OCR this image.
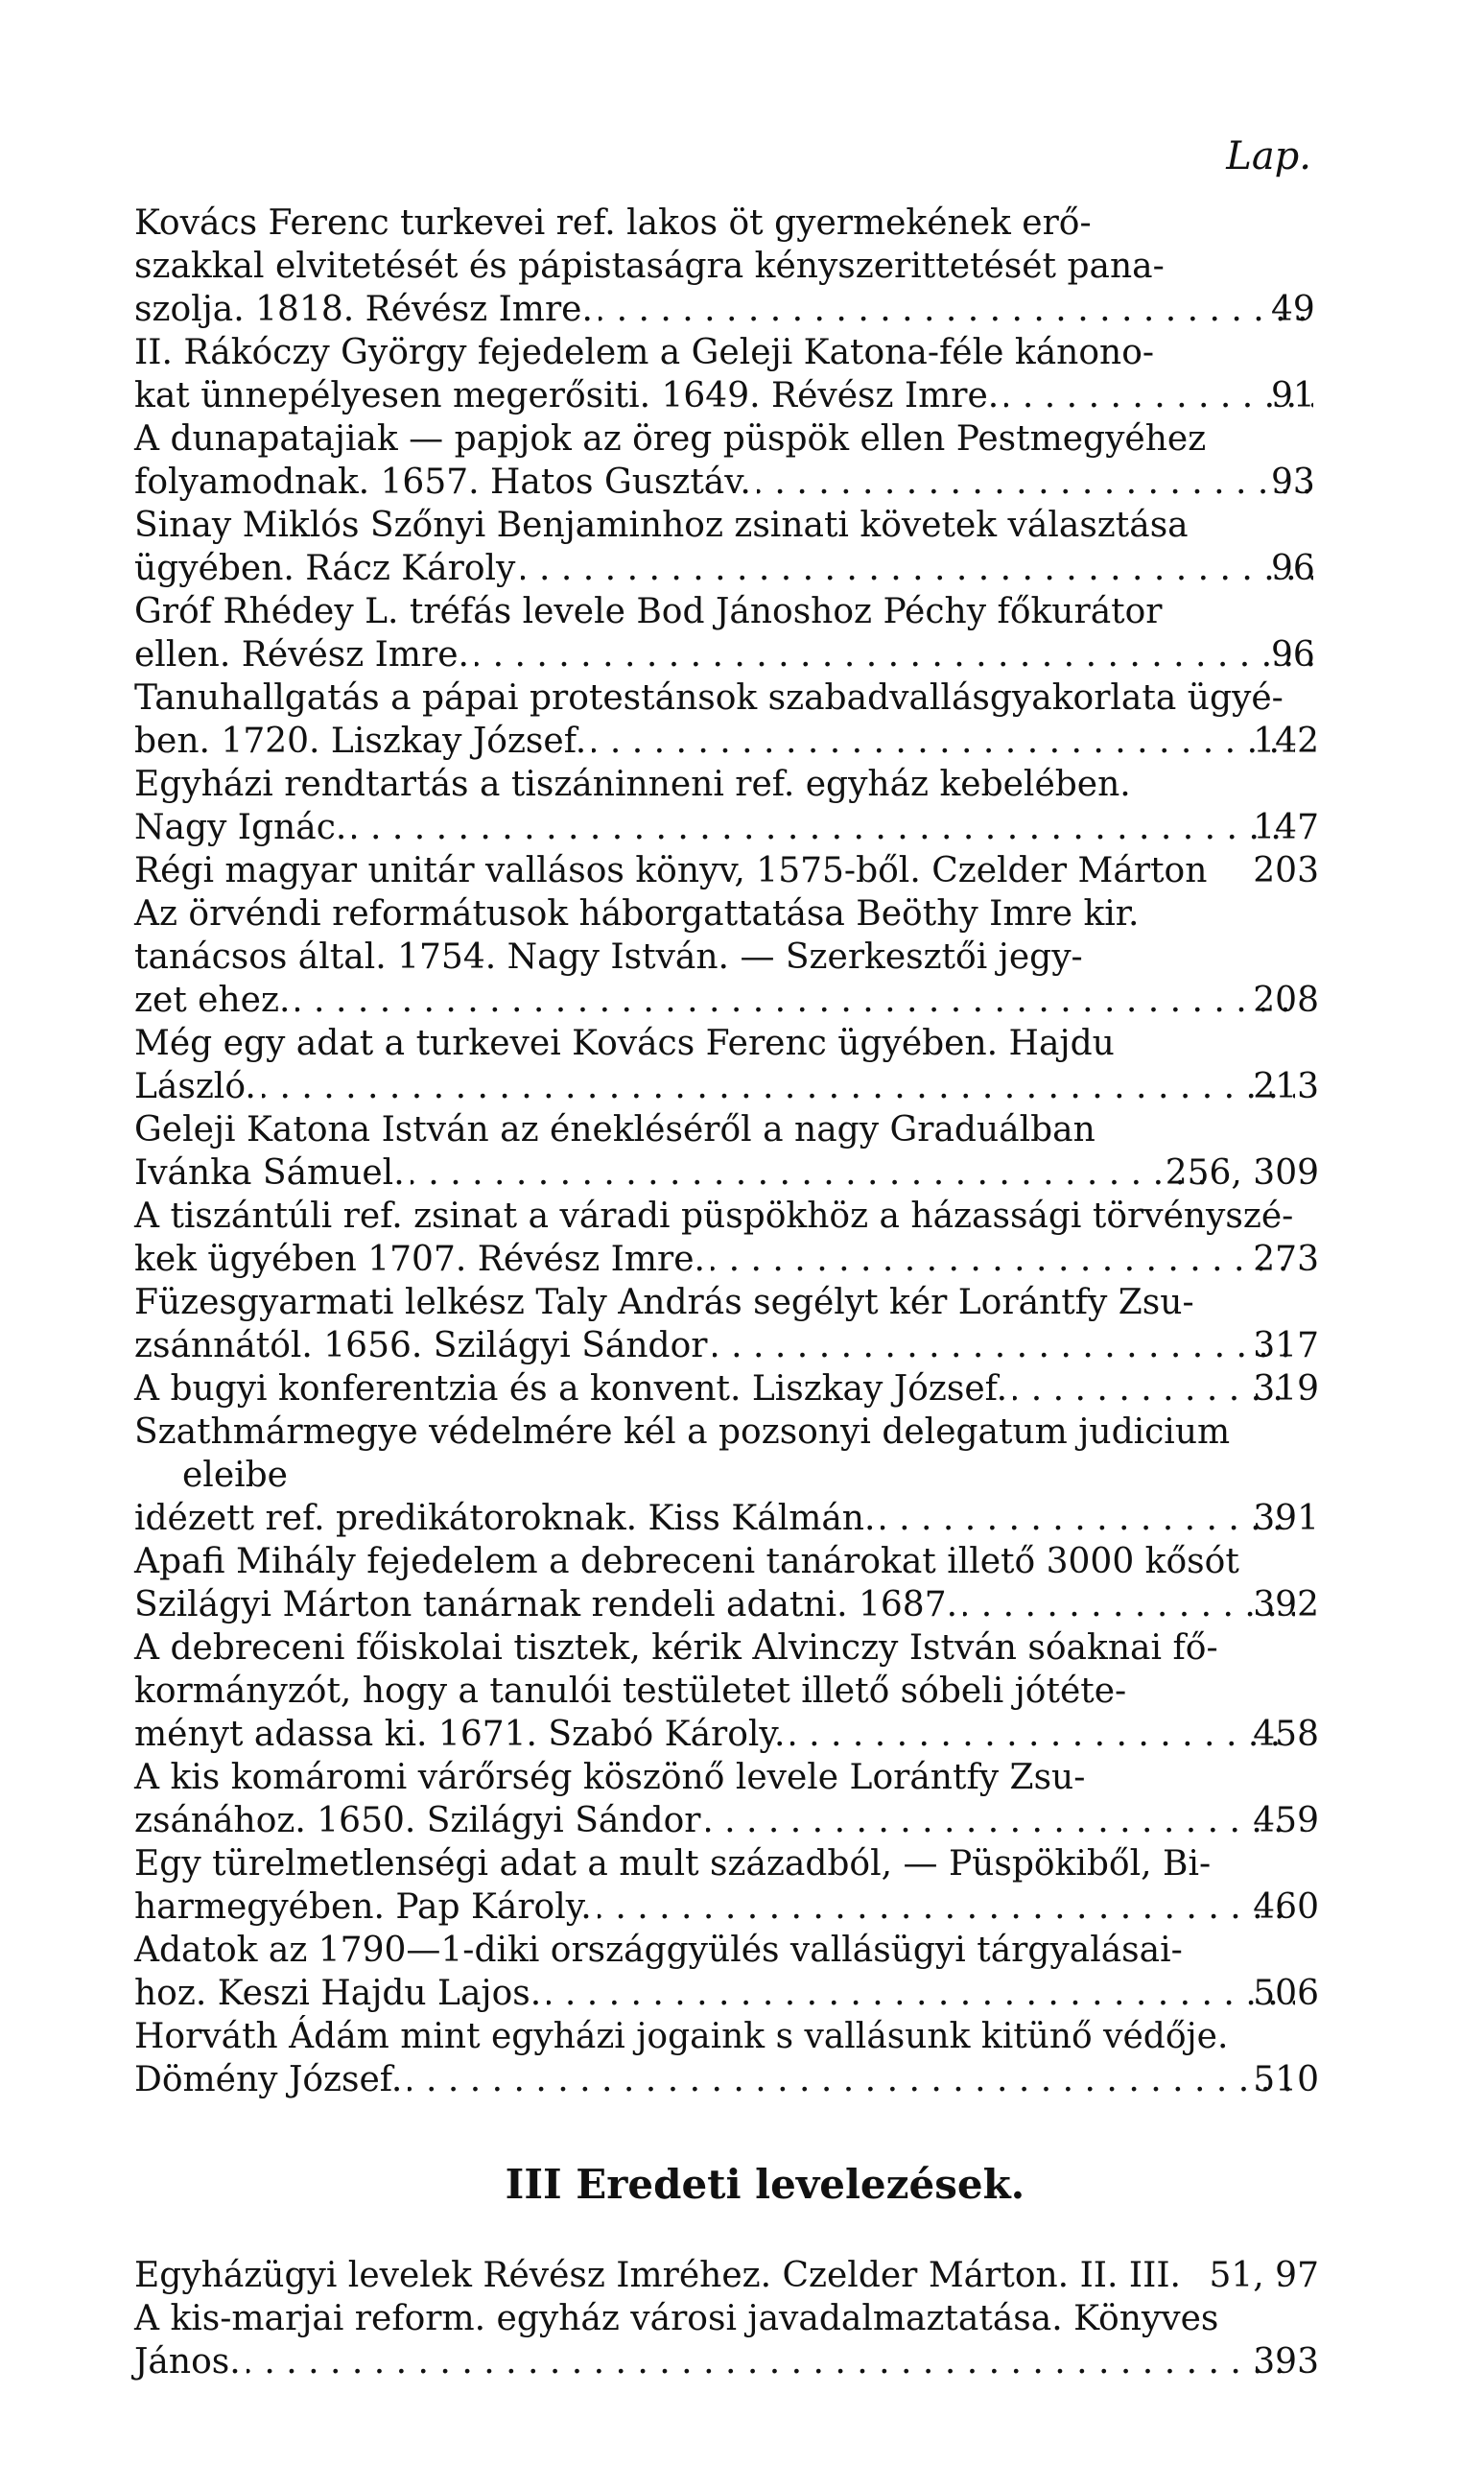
Lap.
Kovács Ferenc turkevei ref. lakos öt gyermekének erő-
szakkal elvitetését és pápistaságra kényszerittetését pana-
szolja. 1818. Révész Imre. . . .	49
II. Rákóczy György fejedelem a Geleji Katona-féle kánono-
kat ünnepélyesen megerősiti. 1649. Révész Imre. . . .	91
A dunapatajiak — papjok az öreg püspök ellen Pestmegyéhez
folyamodnak. 1657. Hatos Gusztáv. . . .	93
Sinay Miklós Szőnyi Benjaminhoz zsinati követek választása
ügyében. Rácz Károly . . .	96
Gróf Rhédey L. tréfás levele Bod Jánoshoz Péchy főkurátor
ellen. Révész Imre. . . .	96
Tanuhallgatás a pápai protestánsok szabadvallásgyakorlata ügyé-
ben. 1720. Liszkay József. . . .	142
Egyházi rendtartás a tiszáninneni ref. egyház kebelében.
Nagy Ignác. . . .	147
Régi magyar unitár vallásos könyv, 1575-ből. Czelder Márton 203
Az örvéndi reformátusok háborgattatása Beöthy Imre kir.
tanácsos által. 1754. Nagy István. — Szerkesztői jegy-
zet ehez. . . .	208
Még egy adat a turkevei Kovács Ferenc ügyében. Hajdu
László. . . .	213
Geleji Katona István az énekléséről a nagy Graduálban
Ivánka Sámuel. . . .	256, 309
A tiszántúli ref. zsinat a váradi püspökhöz a házassági törvényszé-
kek ügyében 1707. Révész Imre. . . .	273
Füzesgyarmati lelkész Taly András segélyt kér Lorántfy Zsu-
zsánnától. 1656. Szilágyi Sándor . . .	317
A bugyi konferentzia és a konvent. Liszkay József. . . .	319
Szathmármegye védelmére kél a pozsonyi delegatum judicium eleibe
idézett ref. predikátoroknak. Kiss Kálmán. . . .	391
Apafi Mihály fejedelem a debreceni tanárokat illető 3000 kősót
Szilágyi Márton tanárnak rendeli adatni. 1687. . . .	392
A debreceni főiskolai tisztek, kérik Alvinczy István sóaknai fő-
kormányzót, hogy a tanulói testületet illető sóbeli jótéte-
ményt adassa ki. 1671. Szabó Károly. . . .	458
A kis komáromi várőrség köszönő levele Lorántfy Zsu-
zsánához. 1650. Szilágyi Sándor . . .	459
Egy türelmetlenségi adat a mult századból, — Püspökiből, Bi-
harmegyében. Pap Károly. . . .	460
Adatok az 1790—1-diki országgyülés vallásügyi tárgyalásai-
hoz. Keszi Hajdu Lajos. . . .	506
Horváth Ádám mint egyházi jogaink s vallásunk kitünő védője.
Dömény József. . . .	510
III Eredeti levelezések.
Egyházügyi levelek Révész Imréhez. Czelder Márton. II. III. 51, 97
A kis-marjai reform. egyház városi javadalmaztatása. Könyves
János. . . .	393
